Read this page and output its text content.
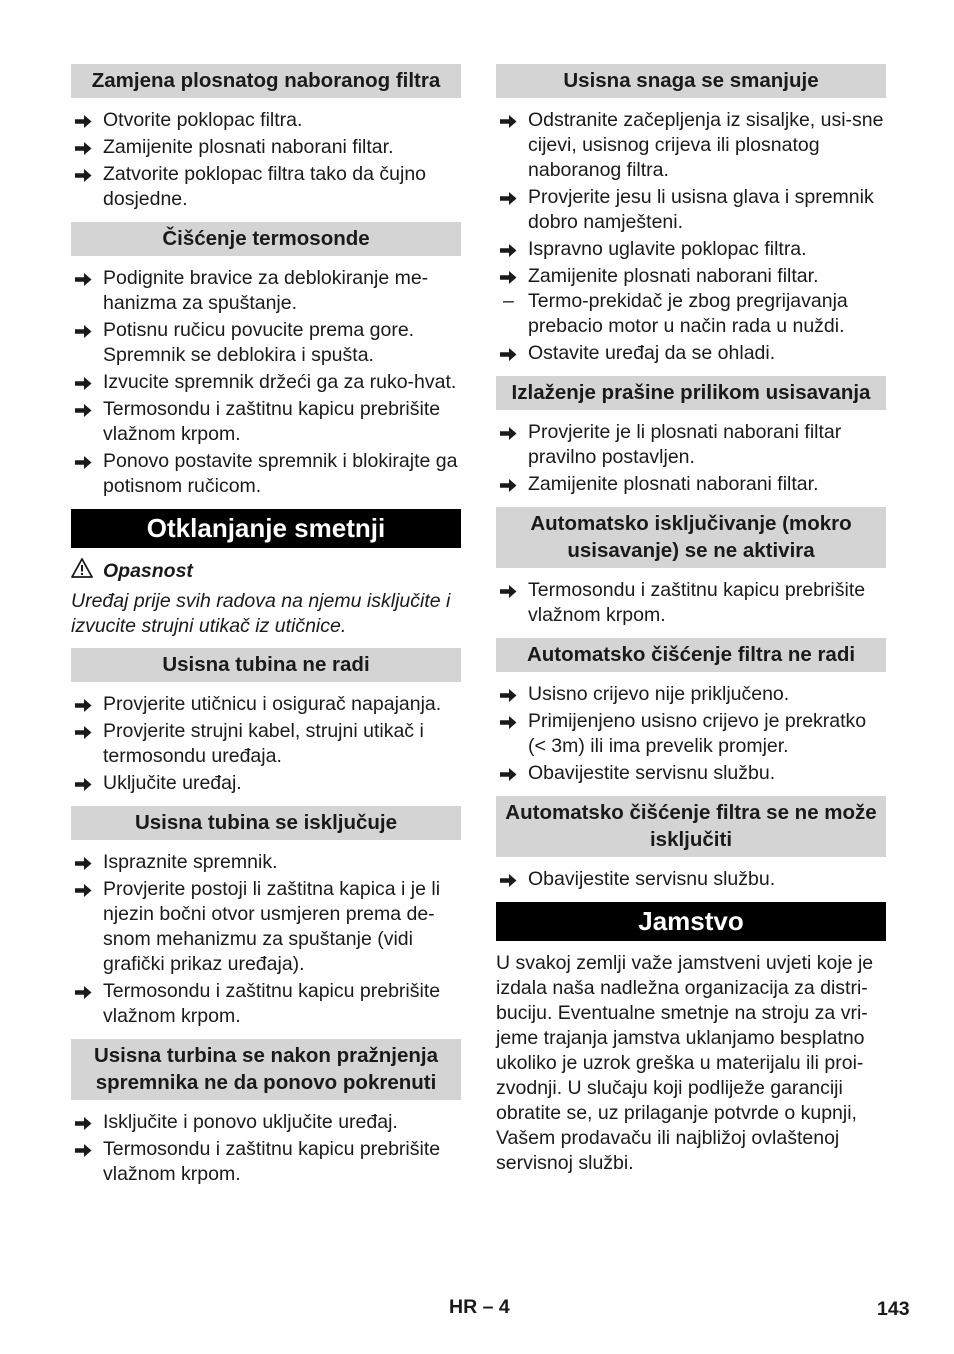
Zamjena plosnatog naboranog filtra
Otvorite poklopac filtra.
Zamijenite plosnati naborani filtar.
Zatvorite poklopac filtra tako da čujno dosjedne.
Čišćenje termosonde
Podignite bravice za deblokiranje me-hanizma za spuštanje.
Potisnu ručicu povucite prema gore. Spremnik se deblokira i spušta.
Izvucite spremnik držeći ga za ruko-hvat.
Termosondu i zaštitnu kapicu prebrišite vlažnom krpom.
Ponovo postavite spremnik i blokirajte ga potisnom ručicom.
Otklanjanje smetnji
Opasnost
Uređaj prije svih radova na njemu isključite i izvucite strujni utikač iz utičnice.
Usisna tubina ne radi
Provjerite utičnicu i osigurač napajanja.
Provjerite strujni kabel, strujni utikač i termosondu uređaja.
Uključite uređaj.
Usisna tubina se isključuje
Ispraznite spremnik.
Provjerite postoji li zaštitna kapica i je li njezin bočni otvor usmjeren prema de-snom mehanizmu za spuštanje (vidi grafički prikaz uređaja).
Termosondu i zaštitnu kapicu prebrišite vlažnom krpom.
Usisna turbina se nakon pražnjenja spremnika ne da ponovo pokrenuti
Isključite i ponovo uključite uređaj.
Termosondu i zaštitnu kapicu prebrišite vlažnom krpom.
Usisna snaga se smanjuje
Odstranite začepljenja iz sisaljke, usi-sne cijevi, usisnog crijeva ili plosnatog naboranog filtra.
Provjerite jesu li usisna glava i spremnik dobro namješteni.
Ispravno uglavite poklopac filtra.
Zamijenite plosnati naborani filtar.
– Termo-prekidač je zbog pregrijavanja prebacio motor u način rada u nuždi.
Ostavite uređaj da se ohladi.
Izlaženje prašine prilikom usisavanja
Provjerite je li plosnati naborani filtar pravilno postavljen.
Zamijenite plosnati naborani filtar.
Automatsko isključivanje (mokro usisavanje) se ne aktivira
Termosondu i zaštitnu kapicu prebrišite vlažnom krpom.
Automatsko čišćenje filtra ne radi
Usisno crijevo nije priključeno.
Primijenjeno usisno crijevo je prekratko (< 3m) ili ima prevelik promjer.
Obavijestite servisnu službu.
Automatsko čišćenje filtra se ne može isključiti
Obavijestite servisnu službu.
Jamstvo

U svakoj zemlji važe jamstveni uvjeti koje je izdala naša nadležna organizacija za distri-buciju. Eventualne smetnje na stroju za vri-jeme trajanja jamstva uklanjamo besplatno ukoliko je uzrok greška u materijalu ili proi-zvodnji. U slučaju koji podliježe garanciji obratite se, uz prilaganje potvrde o kupnji, Vašem prodavaču ili najbližoj ovlaštenoj servisnoj službi.

HR – 4	143
